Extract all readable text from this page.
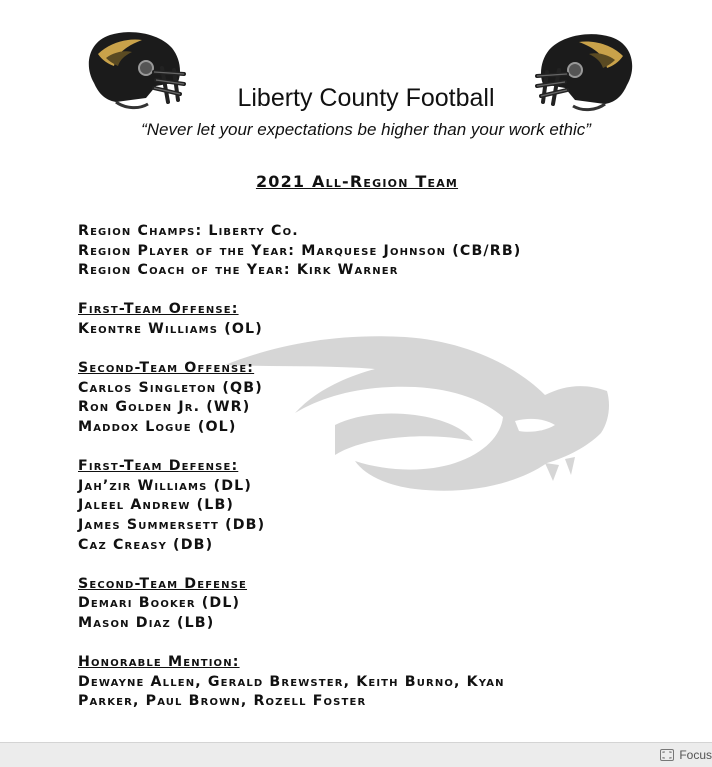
Liberty County Football
“Never let your expectations be higher than your work ethic”
2021 All-Region Team
Region Champs: Liberty Co.
Region Player of the Year: Marquese Johnson (CB/RB)
Region Coach of the Year: Kirk Warner
First-Team Offense:
Keontre Williams (OL)
Second-Team Offense:
Carlos Singleton (QB)
Ron Golden Jr. (WR)
Maddox Logue (OL)
First-Team Defense:
Jah’zir Williams (DL)
Jaleel Andrew (LB)
James Summersett (DB)
Caz Creasy (DB)
Second-Team Defense
Demari Booker (DL)
Mason Diaz (LB)
Honorable Mention:
Dewayne Allen, Gerald Brewster, Keith Burno, Kyan
Parker, Paul Brown, Rozell Foster
Focus
